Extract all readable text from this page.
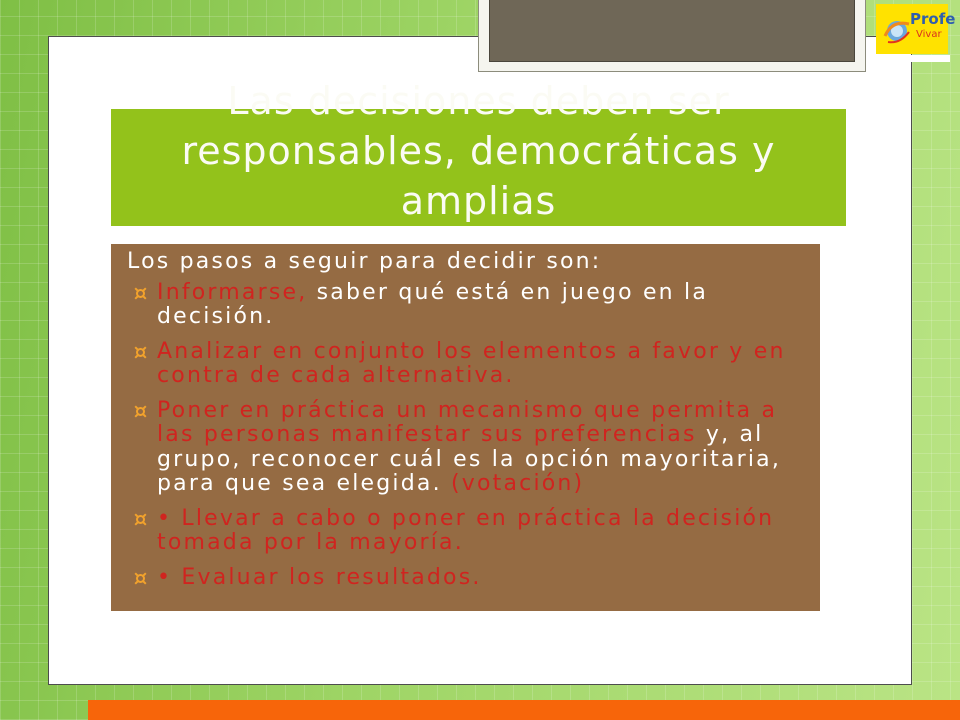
Profe
Vivar
Las decisiones deben ser
responsables, democráticas y
amplias
Los pasos a seguir para decidir son:
Informarse, saber qué está en juego en la decisión.
Analizar en conjunto los elementos a favor y en contra de cada alternativa.
Poner en práctica un mecanismo que permita a las personas manifestar sus preferencias y, al grupo, reconocer cuál es la opción mayoritaria, para que sea elegida. (votación)
• Llevar a cabo o poner en práctica la decisión tomada por la mayoría.
• Evaluar los resultados.
